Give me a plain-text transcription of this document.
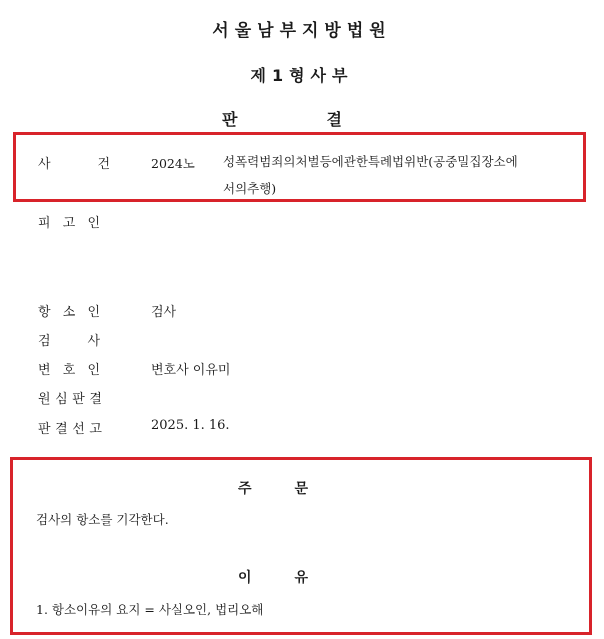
서울남부지방법원
제1형사부
판	결
사	건	2024노 성폭력범죄의처벌등에관한특례법위반(공중밀집장소에
서의추행)
피 고 인
항 소 인	검사
검	사
변 호 인	변호사 이유미
원 심 판 결
판 결 선 고	2025. 1. 16.
주	문
검사의 항소를 기각한다.
이	유
1. 항소이유의 요지 = 사실오인, 법리오해
